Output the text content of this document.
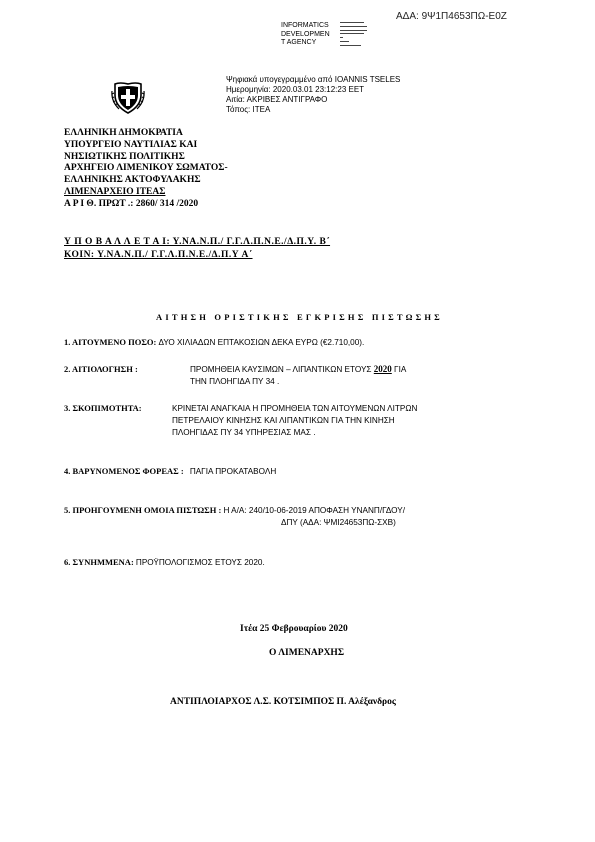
ΑΔΑ: 9Ψ1Π4653ΠΩ-Ε0Ζ
INFORMATICS
DEVELOPMEN
T AGENCY
▬▬▬▬▬▬▬▬
▬▬▬▬▬▬▬▬▬
▬▬▬▬▬▬▬▬▬
▬▬▬▬▬▬▬▬
▬
▬▬▬
▬▬▬▬▬▬▬
Ψηφιακά υπογεγραμμένο από IOANNIS TSELES
Ημερομηνία: 2020.03.01 23:12:23 EET
Αιτία: ΑΚΡΙΒΕΣ ΑΝΤΙΓΡΑΦΟ
Τόπος: ΙΤΕΑ
ΕΛΛΗΝΙΚΗ ΔΗΜΟΚΡΑΤΙΑ
ΥΠΟΥΡΓΕΙΟ ΝΑΥΤΙΛΙΑΣ ΚΑΙ
ΝΗΣΙΩΤΙΚΗΣ ΠΟΛΙΤΙΚΗΣ
ΑΡΧΗΓΕΙΟ ΛΙΜΕΝΙΚΟΥ ΣΩΜΑΤΟΣ-
ΕΛΛΗΝΙΚΗΣ ΑΚΤΟΦΥΛΑΚΗΣ
ΛΙΜΕΝΑΡΧΕΙΟ ΙΤΕΑΣ
Α Ρ Ι Θ. ΠΡΩΤ .: 2860/ 314 /2020
Υ Π Ο Β Α Λ Λ Ε Τ Α Ι: Υ.ΝΑ.Ν.Π./ Γ.Γ.Λ.Π.Ν.Ε./Δ.Π.Υ. Β΄
ΚΟΙΝ: Υ.ΝΑ.Ν.Π./ Γ.Γ.Λ.Π.Ν.Ε./Δ.Π.Υ Α΄
ΑΙΤΗΣΗ ΟΡΙΣΤΙΚΗΣ ΕΓΚΡΙΣΗΣ ΠΙΣΤΩΣΗΣ
1. ΑΙΤΟΥΜΕΝΟ ΠΟΣΟ: ΔΥΟ ΧΙΛΙΑΔΩΝ ΕΠΤΑΚΟΣΙΩΝ ΔΕΚΑ ΕΥΡΩ (€2.710,00).
2. ΑΙΤΙΟΛΟΓΗΣΗ :	ΠΡΟΜΗΘΕΙΑ ΚΑΥΣΙΜΩΝ – ΛΙΠΑΝΤΙΚΩΝ ΕΤΟΥΣ 2020 ΓΙΑ
ΤΗΝ ΠΛΟΗΓΙΔΑ ΠΥ 34 .
3. ΣΚΟΠΙΜΟΤΗΤΑ:	ΚΡΙΝΕΤΑΙ ΑΝΑΓΚΑΙΑ Η ΠΡΟΜΗΘΕΙΑ ΤΩΝ ΑΙΤΟΥΜΕΝΩΝ ΛΙΤΡΩΝ
ΠΕΤΡΕΛΑΙΟΥ ΚΙΝΗΣΗΣ ΚΑΙ ΛΙΠΑΝΤΙΚΩΝ ΓΙΑ ΤΗΝ ΚΙΝΗΣΗ
ΠΛΟΗΓΙΔΑΣ ΠΥ 34 ΥΠΗΡΕΣΙΑΣ ΜΑΣ .
4. ΒΑΡΥΝΟΜΕΝΟΣ ΦΟΡΕΑΣ : ΠΑΓΙΑ ΠΡΟΚΑΤΑΒΟΛΗ
5. ΠΡΟΗΓΟΥΜΕΝΗ ΟΜΟΙΑ ΠΙΣΤΩΣΗ : Η Α/Α: 240/10-06-2019 ΑΠΟΦΑΣΗ ΥΝΑΝΠ/ΓΔΟΥ/
ΔΠΥ (ΑΔΑ: ΨΜΙ24653ΠΩ-ΣΧΒ)
6. ΣΥΝΗΜΜΕΝΑ: ΠΡΟΫΠΟΛΟΓΙΣΜΟΣ ΕΤΟΥΣ 2020.
Ιτέα 25 Φεβρουαρίου 2020
Ο ΛΙΜΕΝΑΡΧΗΣ
ΑΝΤΙΠΛΟΙΑΡΧΟΣ Λ.Σ. ΚΟΤΣΙΜΠΟΣ Π. Αλέξανδρος
